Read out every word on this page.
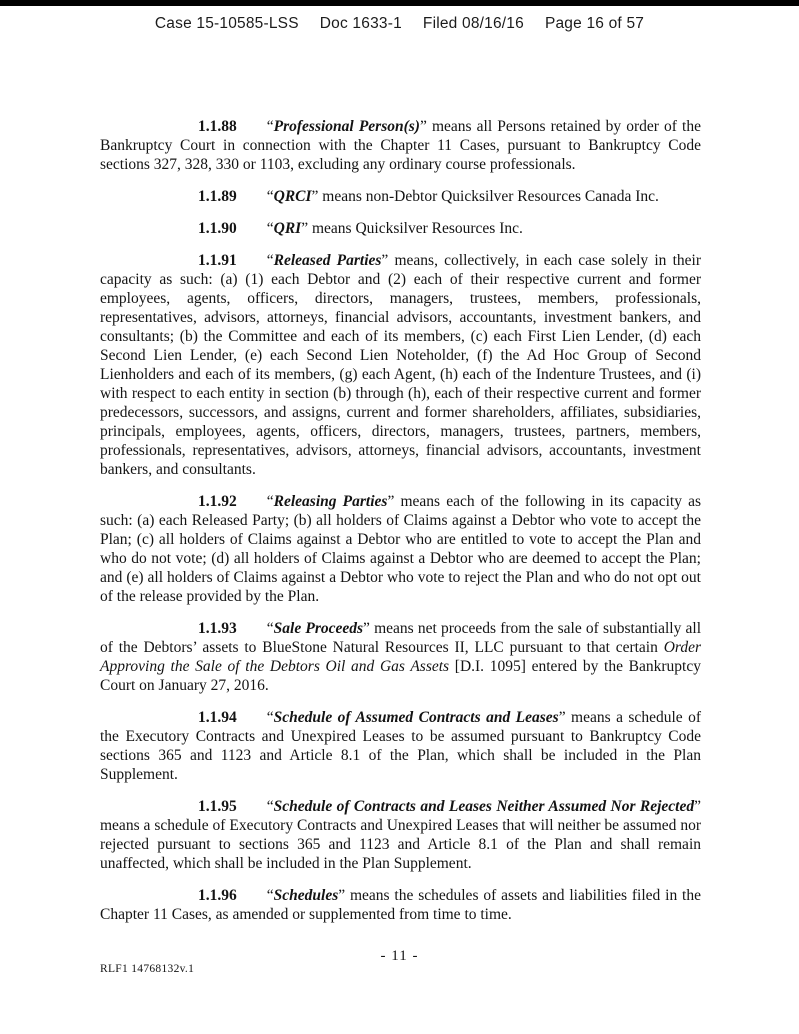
Case 15-10585-LSS Doc 1633-1 Filed 08/16/16 Page 16 of 57

1.1.88 “Professional Person(s)” means all Persons retained by order of the Bankruptcy Court in connection with the Chapter 11 Cases, pursuant to Bankruptcy Code sections 327, 328, 330 or 1103, excluding any ordinary course professionals.

1.1.89 “QRCI” means non-Debtor Quicksilver Resources Canada Inc.

1.1.90 “QRI” means Quicksilver Resources Inc.

1.1.91 “Released Parties” means, collectively, in each case solely in their capacity as such: (a) (1) each Debtor and (2) each of their respective current and former employees, agents, officers, directors, managers, trustees, members, professionals, representatives, advisors, attorneys, financial advisors, accountants, investment bankers, and consultants; (b) the Committee and each of its members, (c) each First Lien Lender, (d) each Second Lien Lender, (e) each Second Lien Noteholder, (f) the Ad Hoc Group of Second Lienholders and each of its members, (g) each Agent, (h) each of the Indenture Trustees, and (i) with respect to each entity in section (b) through (h), each of their respective current and former predecessors, successors, and assigns, current and former shareholders, affiliates, subsidiaries, principals, employees, agents, officers, directors, managers, trustees, partners, members, professionals, representatives, advisors, attorneys, financial advisors, accountants, investment bankers, and consultants.

1.1.92 “Releasing Parties” means each of the following in its capacity as such: (a) each Released Party; (b) all holders of Claims against a Debtor who vote to accept the Plan; (c) all holders of Claims against a Debtor who are entitled to vote to accept the Plan and who do not vote; (d) all holders of Claims against a Debtor who are deemed to accept the Plan; and (e) all holders of Claims against a Debtor who vote to reject the Plan and who do not opt out of the release provided by the Plan.

1.1.93 “Sale Proceeds” means net proceeds from the sale of substantially all of the Debtors’ assets to BlueStone Natural Resources II, LLC pursuant to that certain Order Approving the Sale of the Debtors Oil and Gas Assets [D.I. 1095] entered by the Bankruptcy Court on January 27, 2016.

1.1.94 “Schedule of Assumed Contracts and Leases” means a schedule of the Executory Contracts and Unexpired Leases to be assumed pursuant to Bankruptcy Code sections 365 and 1123 and Article 8.1 of the Plan, which shall be included in the Plan Supplement.

1.1.95 “Schedule of Contracts and Leases Neither Assumed Nor Rejected” means a schedule of Executory Contracts and Unexpired Leases that will neither be assumed nor rejected pursuant to sections 365 and 1123 and Article 8.1 of the Plan and shall remain unaffected, which shall be included in the Plan Supplement.

1.1.96 “Schedules” means the schedules of assets and liabilities filed in the Chapter 11 Cases, as amended or supplemented from time to time.

- 11 -
RLF1 14768132v.1
